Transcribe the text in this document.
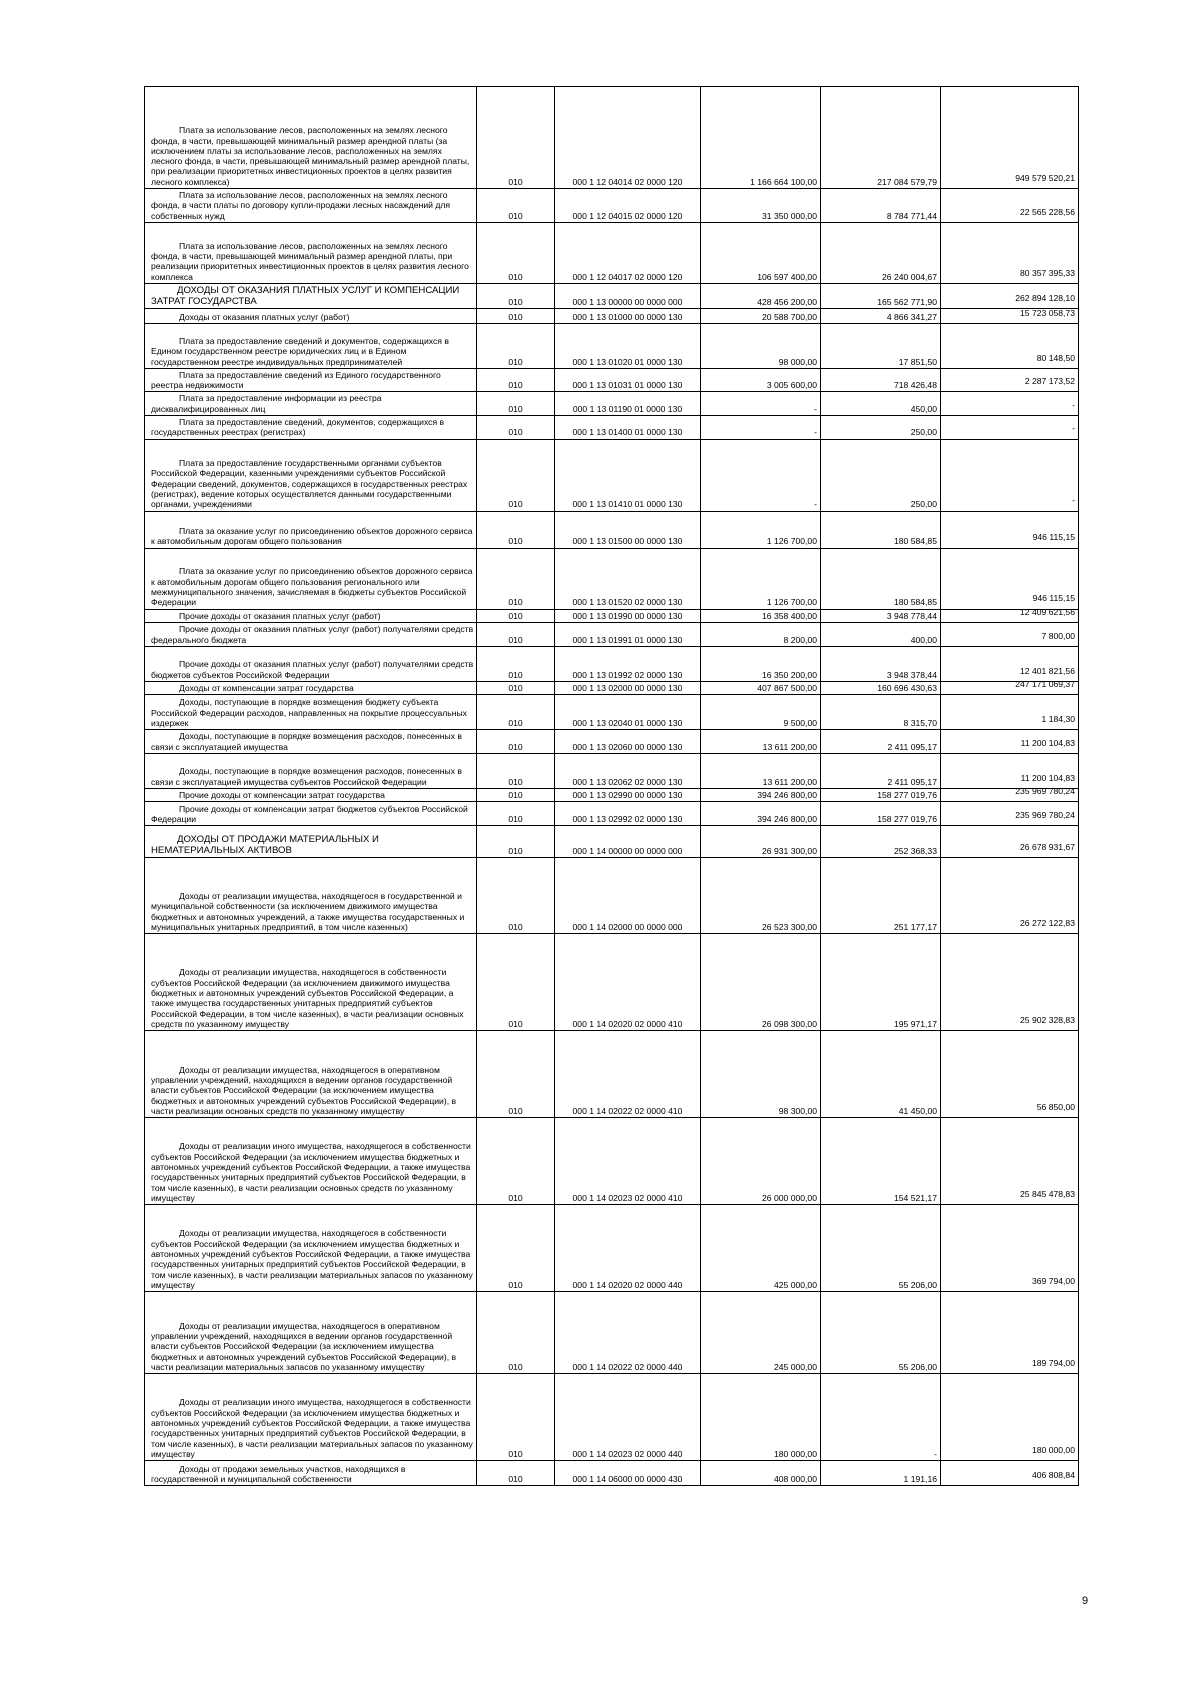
Плата за использование лесов, расположенных на землях лесного фонда, в части, превышающей минимальный размер арендной платы (за исключением платы за использование лесов, расположенных на землях лесного фонда, в части, превышающей минимальный размер арендной платы, при реализации приоритетных инвестиционных проектов в целях развития лесного комплекса)	010	000 1 12 04014 02 0000 120	1 166 664 100,00	217 084 579,79	949 579 520,21

Плата за использование лесов, расположенных на землях лесного фонда, в части платы по договору купли-продажи лесных насаждений для собственных нужд	010	000 1 12 04015 02 0000 120	31 350 000,00	8 784 771,44	22 565 228,56

Плата за использование лесов, расположенных на землях лесного фонда, в части, превышающей минимальный размер арендной платы, при реализации приоритетных инвестиционных проектов в целях развития лесного комплекса	010	000 1 12 04017 02 0000 120	106 597 400,00	26 240 004,67	80 357 395,33

ДОХОДЫ ОТ ОКАЗАНИЯ ПЛАТНЫХ УСЛУГ И КОМПЕНСАЦИИ ЗАТРАТ ГОСУДАРСТВА	010	000 1 13 00000 00 0000 000	428 456 200,00	165 562 771,90	262 894 128,10

Доходы от оказания платных услуг (работ)	010	000 1 13 01000 00 0000 130	20 588 700,00	4 866 341,27	15 723 058,73

Плата за предоставление сведений и документов, содержащихся в Едином государственном реестре юридических лиц и в Едином государственном реестре индивидуальных предпринимателей	010	000 1 13 01020 01 0000 130	98 000,00	17 851,50	80 148,50

Плата за предоставление сведений из Единого государственного реестра недвижимости	010	000 1 13 01031 01 0000 130	3 005 600,00	718 426,48	2 287 173,52

Плата за предоставление информации из реестра дисквалифицированных лиц	010	000 1 13 01190 01 0000 130	-	450,00	-

Плата за предоставление сведений, документов, содержащихся в государственных реестрах (регистрах)	010	000 1 13 01400 01 0000 130	-	250,00	-

Плата за предоставление государственными органами субъектов Российской Федерации, казенными учреждениями субъектов Российской Федерации сведений, документов, содержащихся в государственных реестрах (регистрах), ведение которых осуществляется данными государственными органами, учреждениями	010	000 1 13 01410 01 0000 130	-	250,00	-

Плата за оказание услуг по присоединению объектов дорожного сервиса к автомобильным дорогам общего пользования	010	000 1 13 01500 00 0000 130	1 126 700,00	180 584,85	946 115,15

Плата за оказание услуг по присоединению объектов дорожного сервиса к автомобильным дорогам общего пользования регионального или межмуниципального значения, зачисляемая в бюджеты субъектов Российской Федерации	010	000 1 13 01520 02 0000 130	1 126 700,00	180 584,85	946 115,15

Прочие доходы от оказания платных услуг (работ)	010	000 1 13 01990 00 0000 130	16 358 400,00	3 948 778,44	12 409 621,56

Прочие доходы от оказания платных услуг (работ) получателями средств федерального бюджета	010	000 1 13 01991 01 0000 130	8 200,00	400,00	7 800,00

Прочие доходы от оказания платных услуг (работ) получателями средств бюджетов субъектов Российской Федерации	010	000 1 13 01992 02 0000 130	16 350 200,00	3 948 378,44	12 401 821,56

Доходы от компенсации затрат государства	010	000 1 13 02000 00 0000 130	407 867 500,00	160 696 430,63	247 171 069,37

Доходы, поступающие в порядке возмещения бюджету субъекта Российской Федерации расходов, направленных на покрытие процессуальных издержек	010	000 1 13 02040 01 0000 130	9 500,00	8 315,70	1 184,30

Доходы, поступающие в порядке возмещения расходов, понесенных в связи с эксплуатацией имущества	010	000 1 13 02060 00 0000 130	13 611 200,00	2 411 095,17	11 200 104,83

Доходы, поступающие в порядке возмещения расходов, понесенных в связи с эксплуатацией имущества субъектов Российской Федерации	010	000 1 13 02062 02 0000 130	13 611 200,00	2 411 095,17	11 200 104,83

Прочие доходы от компенсации затрат государства	010	000 1 13 02990 00 0000 130	394 246 800,00	158 277 019,76	235 969 780,24

Прочие доходы от компенсации затрат бюджетов субъектов Российской Федерации	010	000 1 13 02992 02 0000 130	394 246 800,00	158 277 019,76	235 969 780,24

ДОХОДЫ ОТ ПРОДАЖИ МАТЕРИАЛЬНЫХ И НЕМАТЕРИАЛЬНЫХ АКТИВОВ	010	000 1 14 00000 00 0000 000	26 931 300,00	252 368,33	26 678 931,67

Доходы от реализации имущества, находящегося в государственной и муниципальной собственности (за исключением движимого имущества бюджетных и автономных учреждений, а также имущества государственных и муниципальных унитарных предприятий, в том числе казенных)	010	000 1 14 02000 00 0000 000	26 523 300,00	251 177,17	26 272 122,83

Доходы от реализации имущества, находящегося в собственности субъектов Российской Федерации (за исключением движимого имущества бюджетных и автономных учреждений субъектов Российской Федерации, а также имущества государственных унитарных предприятий субъектов Российской Федерации, в том числе казенных), в части реализации основных средств по указанному имуществу	010	000 1 14 02020 02 0000 410	26 098 300,00	195 971,17	25 902 328,83

Доходы от реализации имущества, находящегося в оперативном управлении учреждений, находящихся в ведении органов государственной власти субъектов Российской Федерации (за исключением имущества бюджетных и автономных учреждений субъектов Российской Федерации), в части реализации основных средств по указанному имуществу	010	000 1 14 02022 02 0000 410	98 300,00	41 450,00	56 850,00

Доходы от реализации иного имущества, находящегося в собственности субъектов Российской Федерации (за исключением имущества бюджетных и автономных учреждений субъектов Российской Федерации, а также имущества государственных унитарных предприятий субъектов Российской Федерации, в том числе казенных), в части реализации основных средств по указанному имуществу	010	000 1 14 02023 02 0000 410	26 000 000,00	154 521,17	25 845 478,83

Доходы от реализации имущества, находящегося в собственности субъектов Российской Федерации (за исключением имущества бюджетных и автономных учреждений субъектов Российской Федерации, а также имущества государственных унитарных предприятий субъектов Российской Федерации, в том числе казенных), в части реализации материальных запасов по указанному имуществу	010	000 1 14 02020 02 0000 440	425 000,00	55 206,00	369 794,00

Доходы от реализации имущества, находящегося в оперативном управлении учреждений, находящихся в ведении органов государственной власти субъектов Российской Федерации (за исключением имущества бюджетных и автономных учреждений субъектов Российской Федерации), в части реализации материальных запасов по указанному имуществу	010	000 1 14 02022 02 0000 440	245 000,00	55 206,00	189 794,00

Доходы от реализации иного имущества, находящегося в собственности субъектов Российской Федерации (за исключением имущества бюджетных и автономных учреждений субъектов Российской Федерации, а также имущества государственных унитарных предприятий субъектов Российской Федерации, в том числе казенных), в части реализации материальных запасов по указанному имуществу	010	000 1 14 02023 02 0000 440	180 000,00	-	180 000,00

Доходы от продажи земельных участков, находящихся в государственной и муниципальной собственности	010	000 1 14 06000 00 0000 430	408 000,00	1 191,16	406 808,84
9
